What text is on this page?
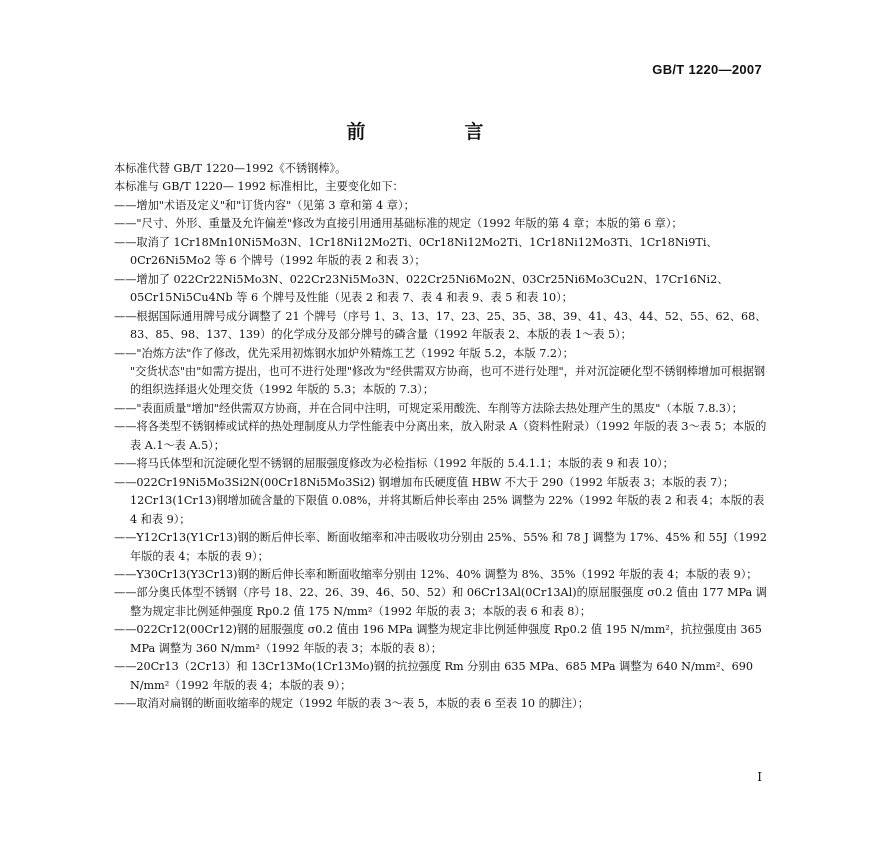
GB/T 1220—2007
前　言

本标准代替 GB/T 1220—1992《不锈钢棒》。

本标准与 GB/T 1220— 1992 标准相比，主要变化如下：

——增加"术语及定义"和"订货内容"（见第 3 章和第 4 章）；

——"尺寸、外形、重量及允许偏差"修改为直接引用通用基础标准的规定（1992 年版的第 4 章；本版的第 6 章）；

——取消了 1Cr18Mn10Ni5Mo3N、1Cr18Ni12Mo2Ti、0Cr18Ni12Mo2Ti、1Cr18Ni12Mo3Ti、1Cr18Ni9Ti、0Cr26Ni5Mo2 等 6 个牌号（1992 年版的表 2 和表 3）；

——增加了 022Cr22Ni5Mo3N、022Cr23Ni5Mo3N、022Cr25Ni6Mo2N、03Cr25Ni6Mo3Cu2N、17Cr16Ni2、05Cr15Ni5Cu4Nb 等 6 个牌号及性能（见表 2 和表 7、表 4 和表 9、表 5 和表 10）；

——根据国际通用牌号成分调整了 21 个牌号（序号 1、3、13、17、23、25、35、38、39、41、43、44、52、55、62、68、83、85、98、137、139）的化学成分及部分牌号的磷含量（1992 年版表 2、本版的表 1～表 5）；

——"冶炼方法"作了修改，优先采用初炼钢水加炉外精炼工艺（1992 年版 5.2，本版 7.2）；

"交货状态"由"如需方提出，也可不进行处理"修改为"经供需双方协商，也可不进行处理"，并对沉淀硬化型不锈钢棒增加可根据钢的组织选择退火处理交货（1992 年版的 5.3；本版的 7.3）；

——"表面质量"增加"经供需双方协商，并在合同中注明，可规定采用酸洗、车削等方法除去热处理产生的黑皮"（本版 7.8.3）；

——将各类型不锈钢棒或试样的热处理制度从力学性能表中分离出来，放入附录 A（资料性附录）（1992 年版的表 3～表 5；本版的表 A.1～表 A.5）；

——将马氏体型和沉淀硬化型不锈钢的屈服强度修改为必检指标（1992 年版的 5.4.1.1；本版的表 9 和表 10）；

——022Cr19Ni5Mo3Si2N(00Cr18Ni5Mo3Si2) 钢增加布氏硬度值 HBW 不大于 290（1992 年版表 3；本版的表 7）；

12Cr13(1Cr13)钢增加硫含量的下限值 0.08%，并将其断后伸长率由 25% 调整为 22%（1992 年版的表 2 和表 4；本版的表 4 和表 9）；

——Y12Cr13(Y1Cr13)钢的断后伸长率、断面收缩率和冲击吸收功分别由 25%、55% 和 78 J 调整为 17%、45% 和 55J（1992 年版的表 4；本版的表 9）；

——Y30Cr13(Y3Cr13)钢的断后伸长率和断面收缩率分别由 12%、40% 调整为 8%、35%（1992 年版的表 4；本版的表 9）；

——部分奥氏体型不锈钢（序号 18、22、26、39、46、50、52）和 06Cr13Al(0Cr13Al)的原屈服强度 σ0.2 值由 177 MPa 调整为规定非比例延伸强度 Rp0.2 值 175 N/mm²（1992 年版的表 3；本版的表 6 和表 8）；

——022Cr12(00Cr12)钢的屈服强度 σ0.2 值由 196 MPa 调整为规定非比例延伸强度 Rp0.2 值 195 N/mm²，抗拉强度由 365 MPa 调整为 360 N/mm²（1992 年版的表 3；本版的表 8）；

——20Cr13（2Cr13）和 13Cr13Mo(1Cr13Mo)钢的抗拉强度 Rm 分别由 635 MPa、685 MPa 调整为 640 N/mm²、690 N/mm²（1992 年版的表 4；本版的表 9）；

——取消对扁钢的断面收缩率的规定（1992 年版的表 3～表 5，本版的表 6 至表 10 的脚注）；

I
